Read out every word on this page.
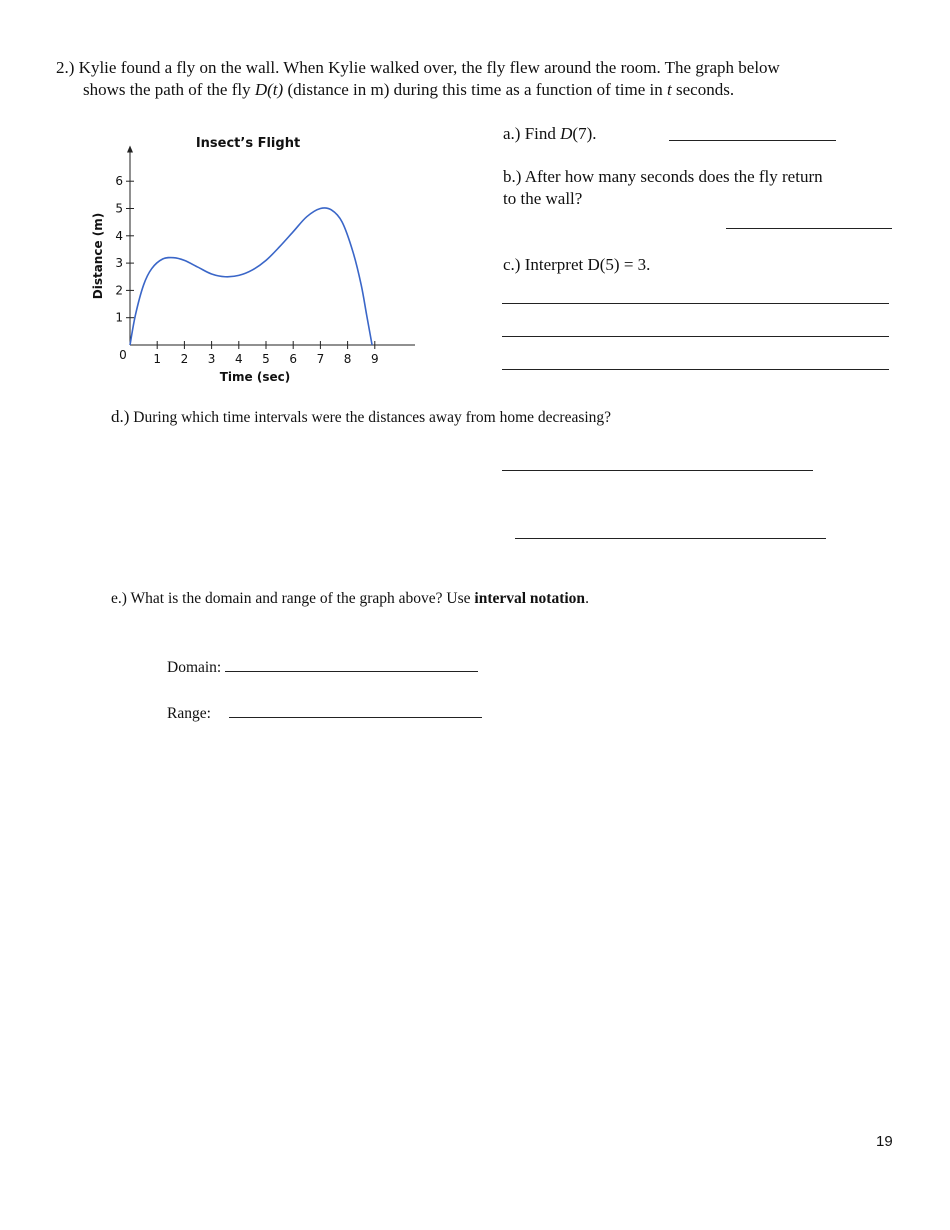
2.) Kylie found a fly on the wall. When Kylie walked over, the fly flew around the room. The graph below
shows the path of the fly D(t) (distance in m) during this time as a function of time in t seconds.
Insect’s Flight
1 2 3 4 5 6 7 8 9
1
2
3
4
5
6
Time (sec)
Distance (m)
0
a.) Find D(7).
b.) After how many seconds does the fly return
to the wall?
c.) Interpret D(5) = 3.
d.) During which time intervals were the distances away from home decreasing?
e.) What is the domain and range of the graph above? Use interval notation.
Domain:
Range:
19
